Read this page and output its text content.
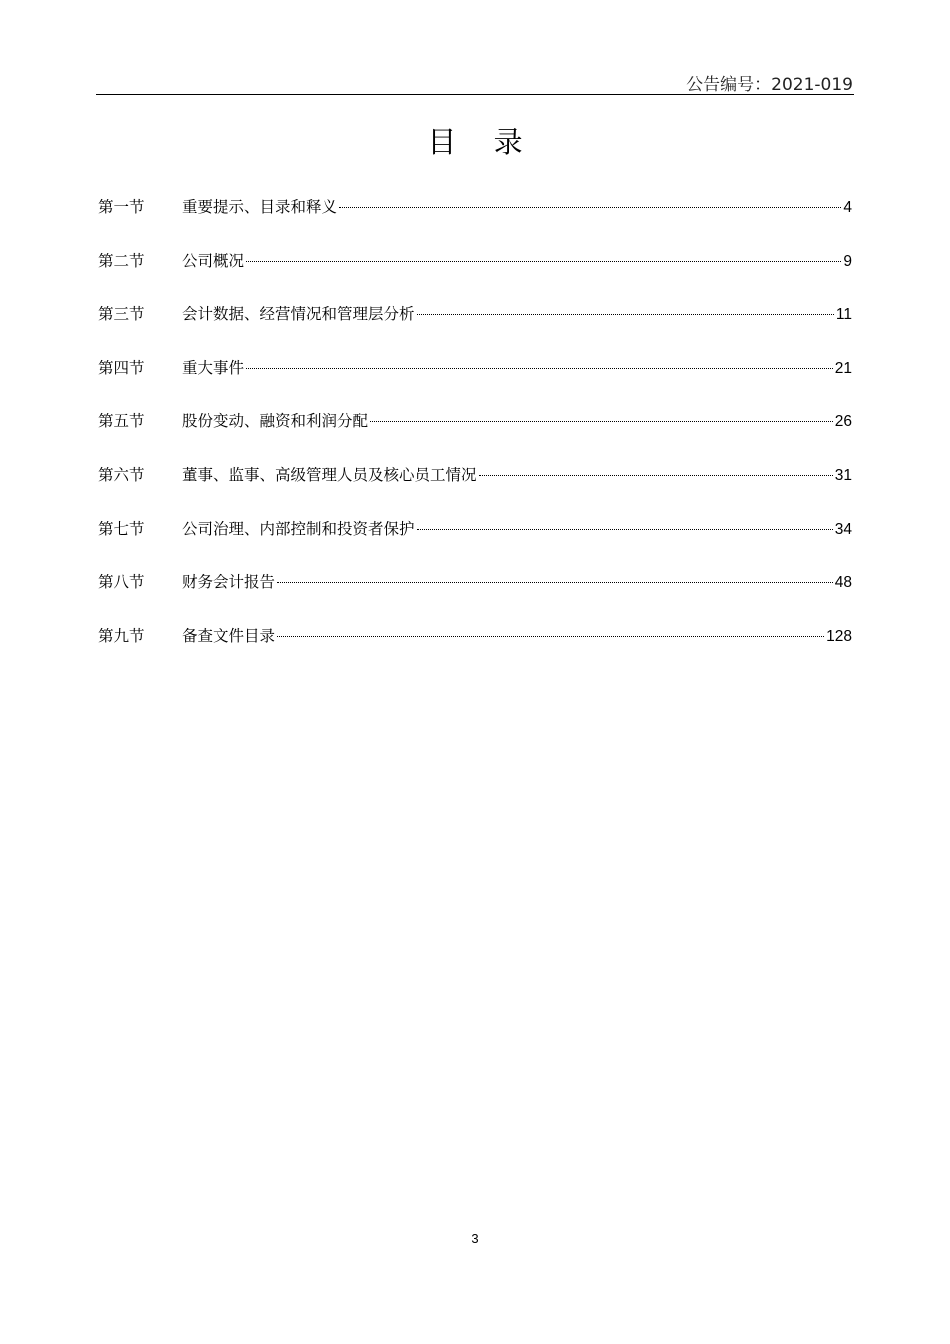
公告编号：2021-019
目 录
第一节	重要提示、目录和释义	4
第二节	公司概况	9
第三节	会计数据、经营情况和管理层分析	11
第四节	重大事件	21
第五节	股份变动、融资和利润分配	26
第六节	董事、监事、高级管理人员及核心员工情况	31
第七节	公司治理、内部控制和投资者保护	34
第八节	财务会计报告	48
第九节	备查文件目录	128
3
